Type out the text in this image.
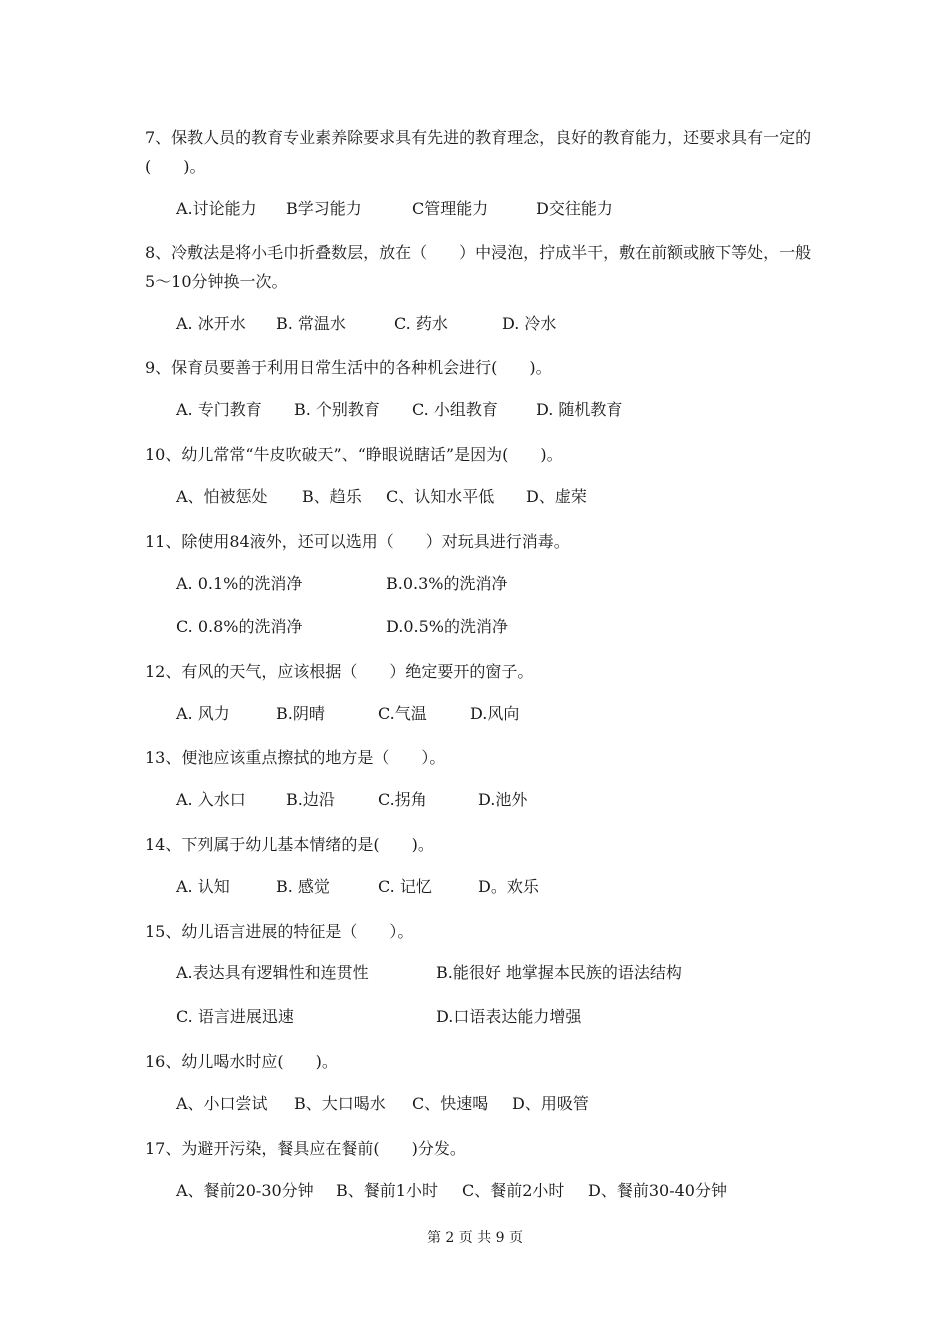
7、保教人员的教育专业素养除要求具有先进的教育理念，良好的教育能力，还要求具有一定的(　　)。
A.讨论能力 B学习能力	C管理能力	D交往能力
8、冷敷法是将小毛巾折叠数层，放在（　　）中浸泡，拧成半干，敷在前额或腋下等处，一般5～10分钟换一次。
A. 冰开水 B. 常温水	C. 药水	D. 冷水
9、保育员要善于利用日常生活中的各种机会进行(　　)。
A. 专门教育 B. 个别教育 C. 小组教育 D. 随机教育
10、幼儿常常“牛皮吹破天”、“睁眼说瞎话”是因为(　　)。
A、怕被惩处 B、趋乐 C、认知水平低 D、虚荣
11、除使用84液外，还可以选用（　　）对玩具进行消毒。
A. 0.1%的洗消净	B.0.3%的洗消净
C. 0.8%的洗消净	D.0.5%的洗消净
12、有风的天气，应该根据（　　）绝定要开的窗子。
A. 风力	B.阴晴	C.气温	D.风向
13、便池应该重点擦拭的地方是（　　）。
A. 入水口	B.边沿	C.拐角	D.池外
14、下列属于幼儿基本情绪的是(　　)。
A. 认知	B. 感觉	C. 记忆	D。欢乐
15、幼儿语言进展的特征是（　　）。
A.表达具有逻辑性和连贯性	B.能很好 地掌握本民族的语法结构
C. 语言进展迅速	D.口语表达能力增强
16、幼儿喝水时应(　　)。
A、小口尝试 B、大口喝水 C、快速喝 D、用吸管
17、为避开污染，餐具应在餐前(　　)分发。
A、餐前20-30分钟 B、餐前1小时 C、餐前2小时 D、餐前30-40分钟
第 2 页 共 9 页
